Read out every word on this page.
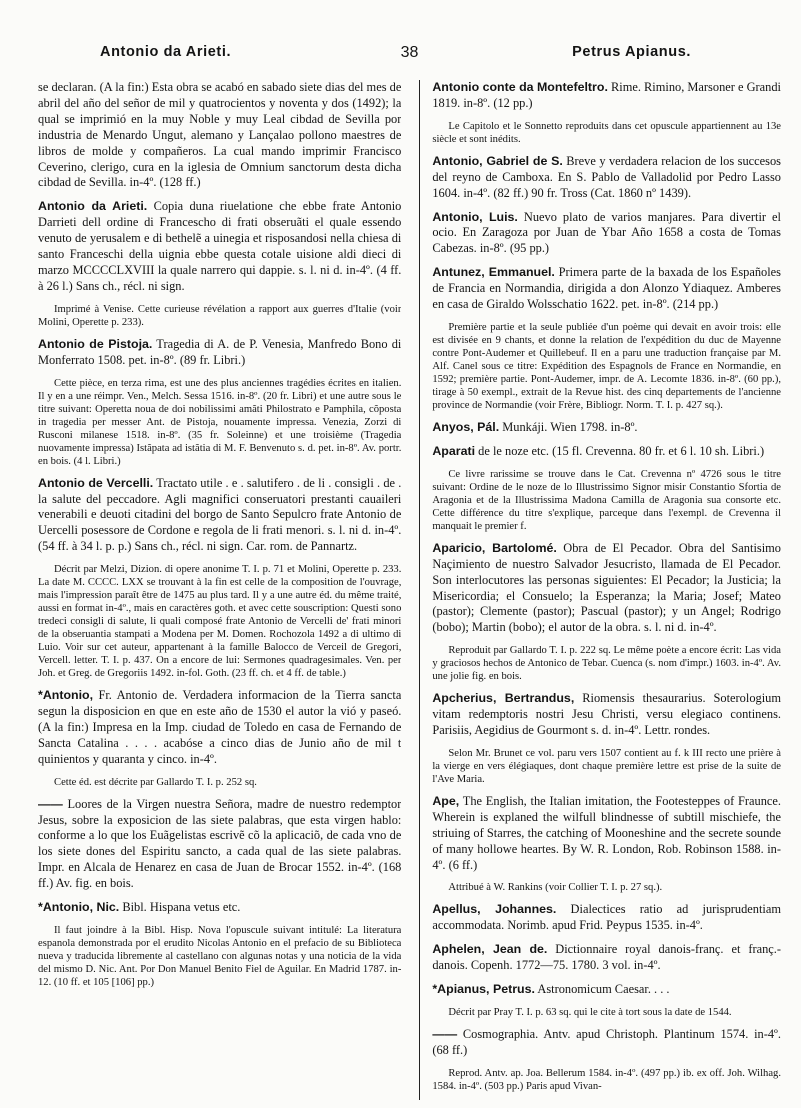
Antonio da Arieti.	38	Petrus Apianus.

se declaran. (A la fin:) Esta obra se acabó en sabado siete dias del mes de abril del año del señor de mil y quatrocientos y noventa y dos (1492); la qual se imprimió en la muy Noble y muy Leal cibdad de Sevilla por industria de Menardo Ungut, alemano y Lançalao pollono maestres de libros de molde y compañeros. La cual mando imprimir Francisco Ceverino, clerigo, cura en la iglesia de Omnium sanctorum desta dicha cibdad de Sevilla. in-4º. (128 ff.)

Antonio da Arieti. Copia duna riuelatione che ebbe frate Antonio Darrieti dell ordine di Francescho di frati obseruãti el quale essendo venuto de yerusalem e di bethelẽ a uinegia et risposandosi nella chiesa di santo Franceschi della uignia ebbe questa cotale uisione aldi dieci di marzo MCCCCLXVIII la quale narrero qui dappie. s. l. ni d. in-4º. (4 ff. à 26 l.) Sans ch., récl. ni sign.

Imprimé à Venise. Cette curieuse révélation a rapport aux guerres d'Italie (voir Molini, Operette p. 233).

Antonio de Pistoja. Tragedia di A. de P. Venesia, Manfredo Bono di Monferrato 1508. pet. in-8º. (89 fr. Libri.)

Cette pièce, en terza rima, est une des plus anciennes tragédies écrites en italien. Il y en a une réimpr. Ven., Melch. Sessa 1516. in-8º. (20 fr. Libri) et une autre sous le titre suivant: Operetta noua de doi nobilissimi amãti Philostrato e Pamphila, cõposta in tragedia per messer Ant. de Pistoja, nouamente impressa. Venezia, Zorzi di Rusconi milanese 1518. in-8º. (35 fr. Soleinne) et une troisième (Tragedia nuovamente impressa) Istãpata ad istãtia di M. F. Benvenuto s. d. pet. in-8º. Av. portr. en bois. (4 l. Libri.)

Antonio de Vercelli. Tractato utile . e . salutifero . de li . consigli . de . la salute del peccadore. Agli magnifici conseruatori prestanti cauaileri venerabili e deuoti citadini del borgo de Santo Sepulcro frate Antonio de Uercelli posessore de Cordone e regola de li frati menori. s. l. ni d. in-4º. (54 ff. à 34 l. p. p.) Sans ch., récl. ni sign. Car. rom. de Pannartz.

Décrit par Melzi, Dizion. di opere anonime T. I. p. 71 et Molini, Operette p. 233. La date M. CCCC. LXX se trouvant à la fin est celle de la composition de l'ouvrage, mais l'impression paraît être de 1475 au plus tard. Il y a une autre éd. du même traité, aussi en format in-4º., mais en caractères goth. et avec cette souscription: Questi sono tredeci consigli di salute, li quali composé frate Antonio de Vercelli de' frati minori de la obseruantia stampati a Modena per M. Domen. Rochozola 1492 a di ultimo di Luio. Voir sur cet auteur, appartenant à la famille Balocco de Verceil de Gregori, Vercell. letter. T. I. p. 437. On a encore de lui: Sermones quadragesimales. Ven. per Joh. et Greg. de Gregoriis 1492. in-fol. Goth. (23 ff. ch. et 4 ff. de table.)

*Antonio, Fr. Antonio de. Verdadera informacion de la Tierra sancta segun la disposicion en que en este año de 1530 el autor la vió y paseó. (A la fin:) Impresa en la Imp. ciudad de Toledo en casa de Fernando de Sancta Catalina . . . . acabóse a cinco dias de Junio año de mil t quinientos y quaranta y cinco. in-4º.

Cette éd. est décrite par Gallardo T. I. p. 252 sq.

—— Loores de la Virgen nuestra Señora, madre de nuestro redemptor Jesus, sobre la exposicion de las siete palabras, que esta virgen hablo: conforme a lo que los Euãgelistas escrivẽ cõ la aplicaciõ, de cada vno de los siete dones del Espiritu sancto, a cada qual de las siete palabras. Impr. en Alcala de Henarez en casa de Juan de Brocar 1552. in-4º. (168 ff.) Av. fig. en bois.

*Antonio, Nic. Bibl. Hispana vetus etc.

Il faut joindre à la Bibl. Hisp. Nova l'opuscule suivant intitulé: La literatura espanola demonstrada por el erudito Nicolas Antonio en el prefacio de su Biblioteca nueva y traducida libremente al castellano con algunas notas y una noticia de la vida del mismo D. Nic. Ant. Por Don Manuel Benito Fiel de Aguilar. En Madrid 1787. in-12. (10 ff. et 105 [106] pp.)

Antonio conte da Montefeltro. Rime. Rimino, Marsoner e Grandi 1819. in-8º. (12 pp.)

Le Capitolo et le Sonnetto reproduits dans cet opuscule appartiennent au 13e siècle et sont inédits.

Antonio, Gabriel de S. Breve y verdadera relacion de los succesos del reyno de Camboxa. En S. Pablo de Valladolid por Pedro Lasso 1604. in-4º. (82 ff.) 90 fr. Tross (Cat. 1860 nº 1439).

Antonio, Luis. Nuevo plato de varios manjares. Para divertir el ocio. En Zaragoza por Juan de Ybar Año 1658 a costa de Tomas Cabezas. in-8º. (95 pp.)

Antunez, Emmanuel. Primera parte de la baxada de los Españoles de Francia en Normandia, dirigida a don Alonzo Ydiaquez. Amberes en casa de Giraldo Wolsschatio 1622. pet. in-8º. (214 pp.)

Première partie et la seule publiée d'un poème qui devait en avoir trois: elle est divisée en 9 chants, et donne la relation de l'expédition du duc de Mayenne contre Pont-Audemer et Quillebeuf. Il en a paru une traduction française par M. Alf. Canel sous ce titre: Expédition des Espagnols de France en Normandie, en 1592; première partie. Pont-Audemer, impr. de A. Lecomte 1836. in-8º. (60 pp.), tirage à 50 exempl., extrait de la Revue hist. des cinq departements de l'ancienne province de Normandie (voir Frère, Bibliogr. Norm. T. I. p. 427 sq.).

Anyos, Pál. Munkáji. Wien 1798. in-8º.

Aparati de le noze etc. (15 fl. Crevenna. 80 fr. et 6 l. 10 sh. Libri.)

Ce livre rarissime se trouve dans le Cat. Crevenna nº 4726 sous le titre suivant: Ordine de le noze de lo Illustrissimo Signor misir Constantio Sfortia de Aragonia et de la Illustrissima Madona Camilla de Aragonia sua consorte etc. Cette différence du titre s'explique, parceque dans l'exempl. de Crevenna il manquait le premier f.

Aparicio, Bartolomé. Obra de El Pecador. Obra del Santisimo Naçimiento de nuestro Salvador Jesucristo, llamada de El Pecador. Son interlocutores las personas siguientes: El Pecador; la Justicia; la Misericordia; el Consuelo; la Esperanza; la Maria; Josef; Mateo (pastor); Clemente (pastor); Pascual (pastor); y un Angel; Rodrigo (bobo); Martin (bobo); el autor de la obra. s. l. ni d. in-4º.

Reproduit par Gallardo T. I. p. 222 sq. Le même poète a encore écrit: Las vida y graciosos hechos de Antonico de Tebar. Cuenca (s. nom d'impr.) 1603. in-4º. Av. une jolie fig. en bois.

Apcherius, Bertrandus, Riomensis thesaurarius. Soterologium vitam redemptoris nostri Jesu Christi, versu elegiaco continens. Parisiis, Aegidius de Gourmont s. d. in-4º. Lettr. rondes.

Selon Mr. Brunet ce vol. paru vers 1507 contient au f. k III recto une prière à la vierge en vers élégiaques, dont chaque première lettre est prise de la suite de l'Ave Maria.

Ape, The English, the Italian imitation, the Footesteppes of Fraunce. Wherein is explaned the wilfull blindnesse of subtill mischiefe, the striuing of Starres, the catching of Mooneshine and the secrete sounde of many hollowe heartes. By W. R. London, Rob. Robinson 1588. in-4º. (6 ff.)

Attribué à W. Rankins (voir Collier T. I. p. 27 sq.).

Apellus, Johannes. Dialectices ratio ad jurisprudentiam accommodata. Norimb. apud Frid. Peypus 1535. in-4º.

Aphelen, Jean de. Dictionnaire royal danois-franç. et franç.-danois. Copenh. 1772—75. 1780. 3 vol. in-4º.

*Apianus, Petrus. Astronomicum Caesar. . . .

Décrit par Pray T. I. p. 63 sq. qui le cite à tort sous la date de 1544.

—— Cosmographia. Antv. apud Christoph. Plantinum 1574. in-4º. (68 ff.)

Reprod. Antv. ap. Joa. Bellerum 1584. in-4º. (497 pp.) ib. ex off. Joh. Wilhag. 1584. in-4º. (503 pp.) Paris apud Vivan-
